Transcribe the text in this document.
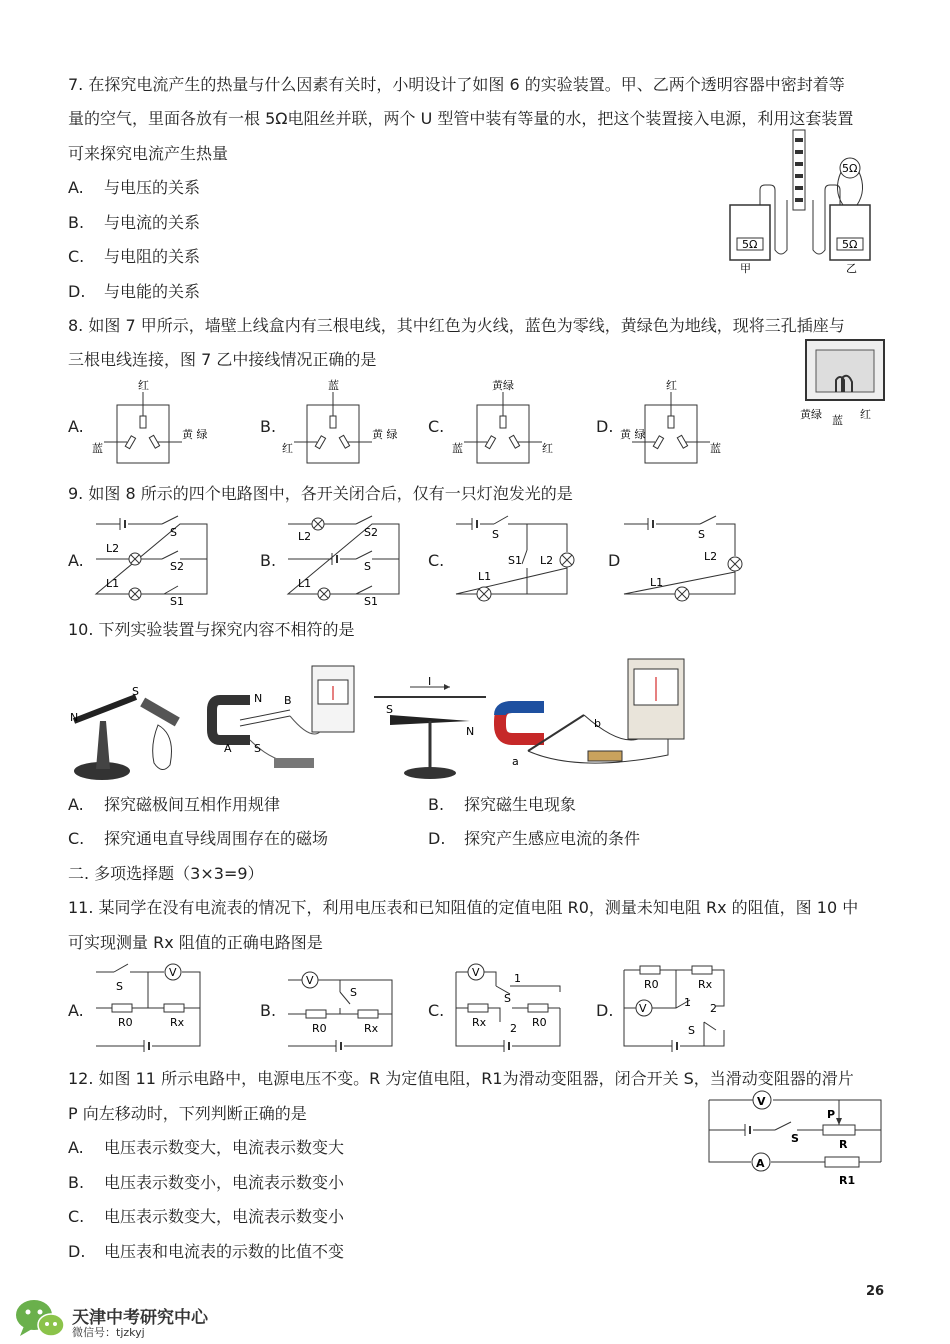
7. 在探究电流产生的热量与什么因素有关时，小明设计了如图 6 的实验装置。甲、乙两个透明容器中密封着等
量的空气，里面各放有一根 5Ω电阻丝并联，两个 U 型管中装有等量的水，把这个装置接入电源，利用这套装置
可来探究电流产生热量
A. 与电压的关系
B. 与电流的关系
C. 与电阻的关系
D. 与电能的关系
5Ω	5Ω
5Ω
甲	乙
8. 如图 7 甲所示，墙壁上线盒内有三根电线，其中红色为火线，蓝色为零线，黄绿色为地线，现将三孔插座与
三根电线连接，图 7 乙中接线情况正确的是
黄绿 蓝 红
A.
红
蓝
黄 绿	B.
蓝
红
黄 绿 C.
黄绿
蓝	红
D.
红
黄 绿
蓝
9. 如图 8 所示的四个电路图中，各开关闭合后，仅有一只灯泡发光的是
A.
S
L2
S2
L1
S1
B.
L2	S2
S
L1
S1
C.
S
S1
L1
L2	D
S
L2
L1
10. 下列实验装置与探究内容不相符的是
N
S
N
S
A
B
I
S
N
a
b
A. 探究磁极间互相作用规律	B. 探究磁生电现象
C. 探究通电直导线周围存在的磁场	D. 探究产生感应电流的条件
二. 多项选择题（3×3=9）
11. 某同学在没有电流表的情况下，利用电压表和已知阻值的定值电阻 R0，测量未知电阻 Rx 的阻值，图 10 中
可实现测量 Rx 阻值的正确电路图是
A.
V
S
R0	Rx
B.
V
S
R0	Rx
C.
V	1
S
Rx 2 R0
D. V
R0	Rx
1 2
S
12. 如图 11 所示电路中，电源电压不变。R 为定值电阻，R1为滑动变阻器，闭合开关 S，当滑动变阻器的滑片
P 向左移动时，下列判断正确的是
A. 电压表示数变大，电流表示数变大
B. 电压表示数变小，电流表示数变小
C. 电压表示数变大，电流表示数变小
D. 电压表和电流表的示数的比值不变
V
A
S
P
R
R1
26
天津中考研究中心
微信号：tjzkyj
